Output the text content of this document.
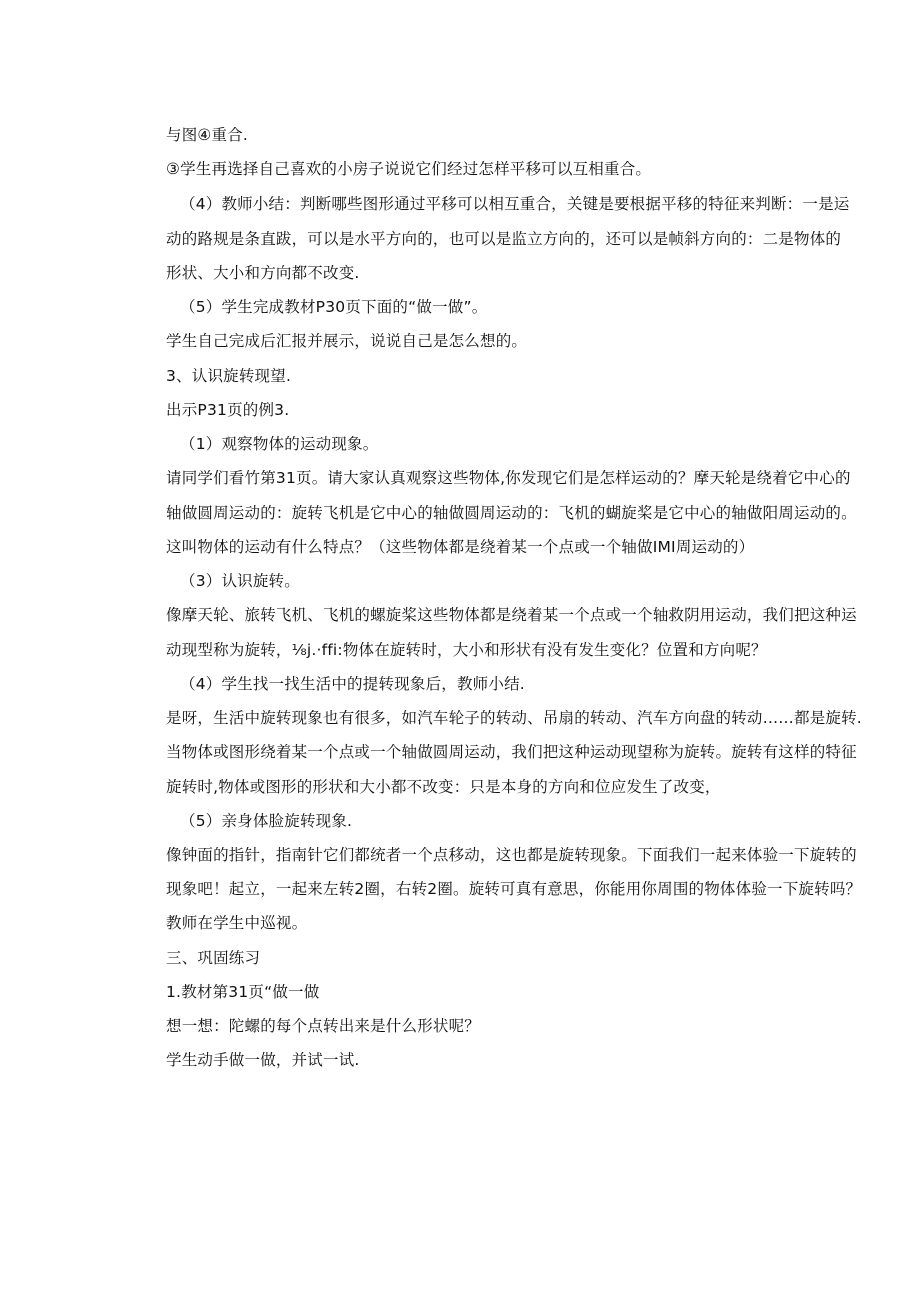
与图④重合.
③学生再选择自己喜欢的小房子说说它们经过怎样平移可以互相重合。
（4）教师小结：判断哪些图形通过平移可以相互重合，关键是要根据平移的特征来判断：一是运
动的路规是条直跋，可以是水平方向的，也可以是监立方向的，还可以是帧斜方向的：二是物体的
形状、大小和方向都不改变.
（5）学生完成教材P30页下面的“做一做”。
学生自己完成后汇报并展示，说说自己是怎么想的。
3、认识旋转现望.
出示P31页的例3.
（1）观察物体的运动现象。
请同学们看竹第31页。请大家认真观察这些物体,你发现它们是怎样运动的？摩天轮是绕着它中心的
轴做圆周运动的：旋转飞机是它中心的轴做圆周运动的：飞机的蝴旋桨是它中心的轴做阳周运动的。
这叫物体的运动有什么特点？（这些物体都是绕着某一个点或一个轴做IMI周运动的）
（3）认识旋转。
像摩天轮、旅转飞机、飞机的螺旋桨这些物体都是绕着某一个点或一个轴救阴用运动，我们把这种运
动现型称为旋转，⅛j.·ffi:物体在旋转时，大小和形状有没有发生变化？位置和方向呢？
（4）学生找一找生活中的提转现象后，教师小结.
是呀，生活中旋转现象也有很多，如汽车轮子的转动、吊扇的转动、汽车方向盘的转动……都是旋转.
当物体或图形绕着某一个点或一个轴做圆周运动，我们把这种运动现望称为旋转。旋转有这样的特征
旋转时,物体或图形的形状和大小都不改变：只是本身的方向和位应发生了改变，
（5）亲身体脸旋转现象.
像钟面的指针，指南针它们都统者一个点移动，这也都是旋转现象。下面我们一起来体验一下旋转的
现象吧！起立，一起来左转2圈，右转2圈。旋转可真有意思，你能用你周围的物体体验一下旋转吗？
教师在学生中巡视。
三、巩固练习
1.教材第31页“做一做
想一想：陀螺的每个点转出来是什么形状呢？
学生动手做一做，并试一试.
